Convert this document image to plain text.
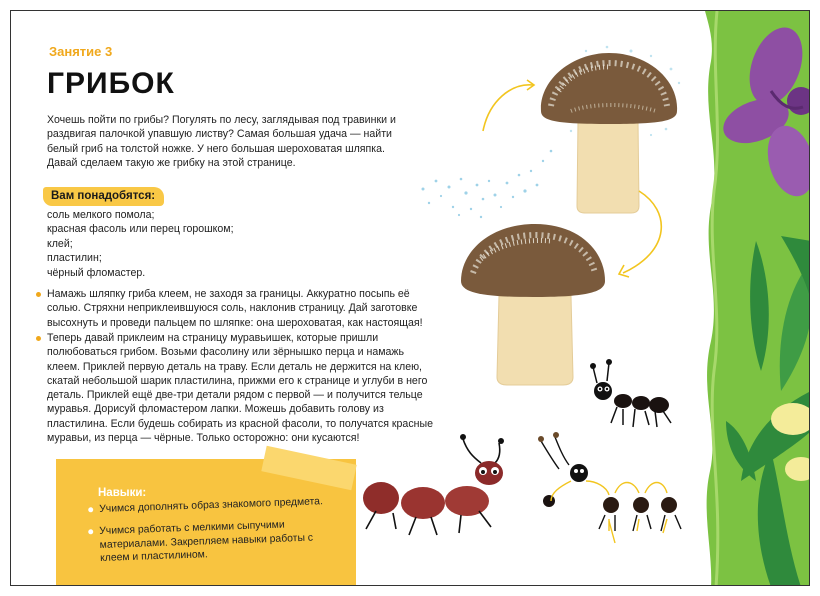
Занятие 3
ГРИБОК
Хочешь пойти по грибы? Погулять по лесу, заглядывая под травинки и раздвигая палочкой упавшую листву? Самая большая удача — найти белый гриб на толстой ножке. У него большая шероховатая шляпка. Давай сделаем такую же грибку на этой странице.
Вам понадобятся:
соль мелкого помола;
красная фасоль или перец горошком;
клей;
пластилин;
чёрный фломастер.
Намажь шляпку гриба клеем, не заходя за границы. Аккуратно посыпь её солью. Стряхни неприклеившуюся соль, наклонив страницу. Дай заготовке высохнуть и проведи пальцем по шляпке: она шероховатая, как настоящая!
Теперь давай приклеим на страницу муравьишек, которые пришли полюбоваться грибом. Возьми фасолину или зёрнышко перца и намажь клеем. Приклей первую деталь на траву. Если деталь не держится на клею, скатай небольшой шарик пластилина, прижми его к странице и углуби в него деталь. Приклей ещё две-три детали рядом с первой — и получится тельце муравья. Дорисуй фломастером лапки. Можешь добавить голову из пластилина. Если будешь собирать из красной фасоли, то получатся красные муравьи, из перца — чёрные. Только осторожно: они кусаются!
Навыки:
Учимся дополнять образ знакомого предмета.
Учимся работать с мелкими сыпучими материалами. Закрепляем навыки работы с клеем и пластилином.
